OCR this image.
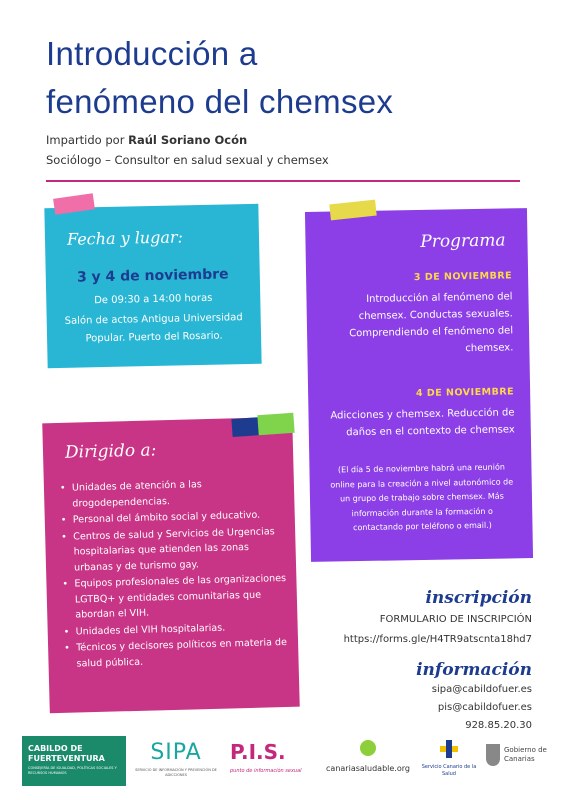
Introducción a
fenómeno del chemsex
Impartido por Raúl Soriano Ocón
Sociólogo – Consultor en salud sexual y chemsex
Fecha y lugar:
3 y 4 de noviembre
De 09:30 a 14:00 horas
Salón de actos Antigua Universidad
Popular. Puerto del Rosario.
Programa
3 DE NOVIEMBRE
Introducción al fenómeno del chemsex. Conductas sexuales. Comprendiendo el fenómeno del chemsex.
4 DE NOVIEMBRE
Adicciones y chemsex. Reducción de daños en el contexto de chemsex
(El día 5 de noviembre habrá una reunión online para la creación a nivel autonómico de un grupo de trabajo sobre chemsex. Más información durante la formación o contactando por teléfono o email.)
Dirigido a:
• Unidades de atención a las drogodependencias.
• Personal del ámbito social y educativo.
• Centros de salud y Servicios de Urgencias hospitalarias que atienden las zonas urbanas y de turismo gay.
• Equipos profesionales de las organizaciones LGTBQ+ y entidades comunitarias que abordan el VIH.
• Unidades del VIH hospitalarias.
• Técnicos y decisores políticos en materia de salud pública.
inscripción
FORMULARIO DE INSCRIPCIÓN
https://forms.gle/H4TR9atscnta18hd7
información
sipa@cabildofuer.es
pis@cabildofuer.es
928.85.20.30
CABILDO DE FUERTEVENTURA
CONSEJERÍA DE IGUALDAD, POLÍTICAS SOCIALES Y RECURSOS HUMANOS
SIPA
SERVICIO DE INFORMACIÓN Y PREVENCIÓN DE ADICCIONES
P.I.S.
punto de información sexual	canariasaludable.org	Servicio Canario de la Salud
Gobierno de Canarias
